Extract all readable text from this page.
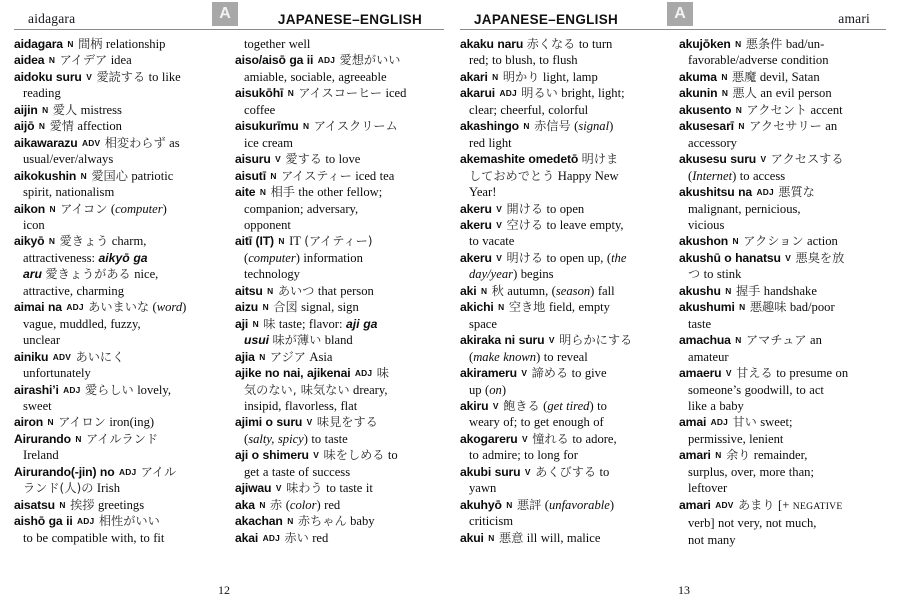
aidagara	JAPANESE–ENGLISH
A
aidagara N 間柄 relationship
aidea N アイデア idea
aidoku suru V 愛読する to like
reading
aijin N 愛人 mistress
aijō N 愛情 affection
aikawarazu ADV 相変わらず as
usual/ever/always
aikokushin N 愛国心 patriotic
spirit, nationalism
aikon N アイコン (computer)
icon
aikyō N 愛きょう charm,
attractiveness: aikyō ga
aru 愛きょうがある nice,
attractive, charming
aimai na ADJ あいまいな (word)
vague, muddled, fuzzy,
unclear
ainiku ADV あいにく
unfortunately
airashi’i ADJ 愛らしい lovely,
sweet
airon N アイロン iron(ing)
Airurando N アイルランド
Ireland
Airurando(-jin) no ADJ アイル
ランド(人)の Irish
aisatsu N 挨拶 greetings
aishō ga ii ADJ 相性がいい
to be compatible with, to fit
together well
aiso/aisō ga ii ADJ 愛想がいい
amiable, sociable, agreeable
aisukōhī N アイスコーヒー iced
coffee
aisukurīmu N アイスクリーム
ice cream
aisuru V 愛する to love
aisutī N アイスティー iced tea
aite N 相手 the other fellow;
companion; adversary,
opponent
aitī (IT) N IT (アイティー)
(computer) information
technology
aitsu N あいつ that person
aizu N 合図 signal, sign
aji N 味 taste; flavor: aji ga
usui 味が薄い bland
ajia N アジア Asia
ajike no nai, ajikenai ADJ 味
気のない, 味気ない dreary,
insipid, flavorless, flat
ajimi o suru V 味見をする
(salty, spicy) to taste
aji o shimeru V 味をしめる to
get a taste of success
ajiwau V 味わう to taste it
aka N 赤 (color) red
akachan N 赤ちゃん baby
akai ADJ 赤い red
12
JAPANESE–ENGLISH	amari
A
akaku naru 赤くなる to turn
red; to blush, to flush
akari N 明かり light, lamp
akarui ADJ 明るい bright, light;
clear; cheerful, colorful
akashingo N 赤信号 (signal)
red light
akemashite omedetō 明けま
しておめでとう Happy New
Year!
akeru V 開ける to open
akeru V 空ける to leave empty,
to vacate
akeru V 明ける to open up, (the
day/year) begins
aki N 秋 autumn, (season) fall
akichi N 空き地 field, empty
space
akiraka ni suru V 明らかにする
(make known) to reveal
akirameru V 諦める to give
up (on)
akiru V 飽きる (get tired) to
weary of; to get enough of
akogareru V 憧れる to adore,
to admire; to long for
akubi suru V あくびする to
yawn
akuhyō N 悪評 (unfavorable)
criticism
akui N 悪意 ill will, malice
akujōken N 悪条件 bad/un-
favorable/adverse condition
akuma N 悪魔 devil, Satan
akunin N 悪人 an evil person
akusento N アクセント accent
akusesarī N アクセサリー an
accessory
akusesu suru V アクセスする
(Internet) to access
akushitsu na ADJ 悪質な
malignant, pernicious,
vicious
akushon N アクション action
akushū o hanatsu V 悪臭を放
つ to stink
akushu N 握手 handshake
akushumi N 悪趣味 bad/poor
taste
amachua N アマチュア an
amateur
amaeru V 甘える to presume on
someone’s goodwill, to act
like a baby
amai ADJ 甘い sweet;
permissive, lenient
amari N 余り remainder,
surplus, over, more than;
leftover
amari ADV あまり [+ NEGATIVE
verb] not very, not much,
not many
13
